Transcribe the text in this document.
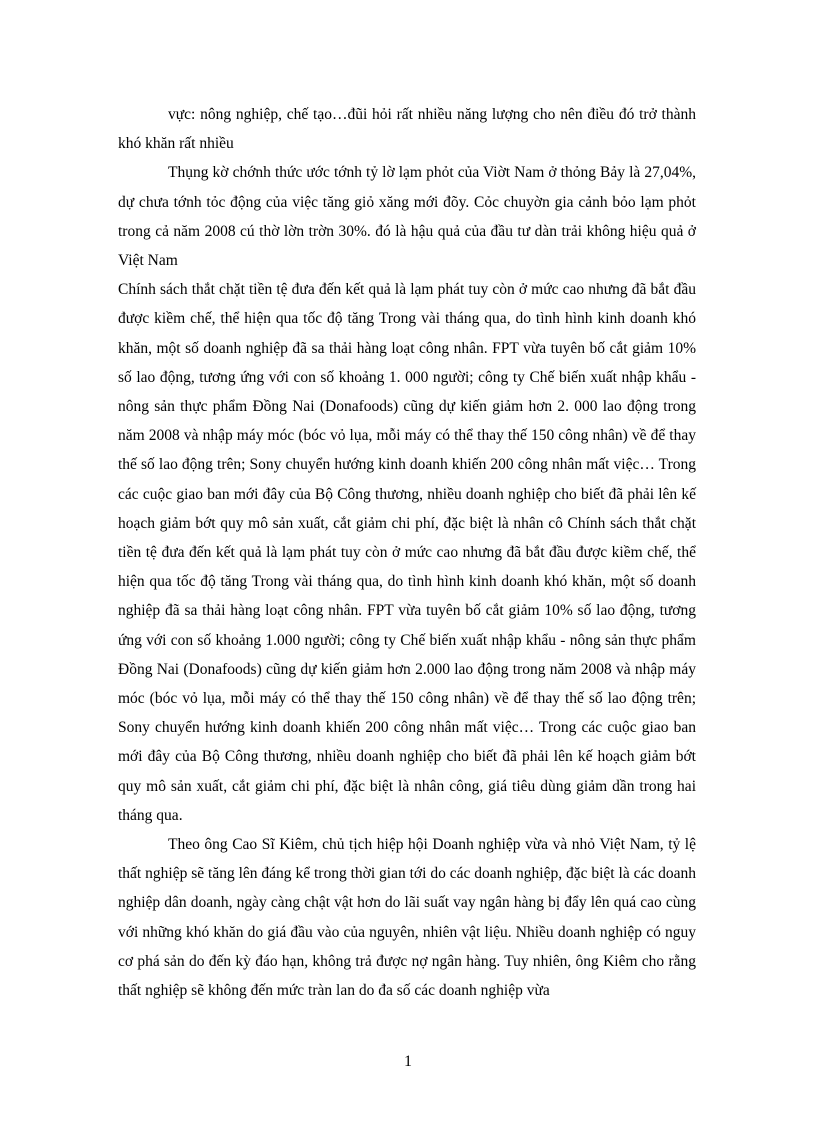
vực: nông nghiệp, chế tạo…đũi hỏi rất nhiều năng lượng cho nên điều đó trở thành khó khăn rất nhiều

Thụng kờ chớnh thức ước tớnh tỷ lờ lạm phỏt của Viờt Nam ở thỏng Bảy là 27,04%, dự chưa tớnh tỏc động của việc tăng giỏ xăng mới đõy. Cỏc chuyờn gia cảnh bỏo lạm phỏt trong cả năm 2008 cú thờ lờn trờn 30%. đó là hậu quả của đầu tư dàn trải không hiệu quả ở Việt Nam

Chính sách thắt chặt tiền tệ đưa đến kết quả là lạm phát tuy còn ở mức cao nhưng đã bắt đầu được kiềm chế, thể hiện qua tốc độ tăng Trong vài tháng qua, do tình hình kinh doanh khó khăn, một số doanh nghiệp đã sa thải hàng loạt công nhân. FPT vừa tuyên bố cắt giảm 10% số lao động, tương ứng với con số khoảng 1. 000 người; công ty Chế biến xuất nhập khẩu - nông sản thực phẩm Đồng Nai (Donafoods) cũng dự kiến giảm hơn 2. 000 lao động trong năm 2008 và nhập máy móc (bóc vỏ lụa, mỗi máy có thể thay thế 150 công nhân) về để thay thế số lao động trên; Sony chuyển hướng kinh doanh khiến 200 công nhân mất việc… Trong các cuộc giao ban mới đây của Bộ Công thương, nhiều doanh nghiệp cho biết đã phải lên kế hoạch giảm bớt quy mô sản xuất, cắt giảm chi phí, đặc biệt là nhân cô Chính sách thắt chặt tiền tệ đưa đến kết quả là lạm phát tuy còn ở mức cao nhưng đã bắt đầu được kiềm chế, thể hiện qua tốc độ tăng Trong vài tháng qua, do tình hình kinh doanh khó khăn, một số doanh nghiệp đã sa thải hàng loạt công nhân. FPT vừa tuyên bố cắt giảm 10% số lao động, tương ứng với con số khoảng 1.000 người; công ty Chế biến xuất nhập khẩu - nông sản thực phẩm Đồng Nai (Donafoods) cũng dự kiến giảm hơn 2.000 lao động trong năm 2008 và nhập máy móc (bóc vỏ lụa, mỗi máy có thể thay thế 150 công nhân) về để thay thế số lao động trên; Sony chuyển hướng kinh doanh khiến 200 công nhân mất việc… Trong các cuộc giao ban mới đây của Bộ Công thương, nhiều doanh nghiệp cho biết đã phải lên kế hoạch giảm bớt quy mô sản xuất, cắt giảm chi phí, đặc biệt là nhân công, giá tiêu dùng giảm dần trong hai tháng qua.

Theo ông Cao Sĩ Kiêm, chủ tịch hiệp hội Doanh nghiệp vừa và nhỏ Việt Nam, tỷ lệ thất nghiệp sẽ tăng lên đáng kể trong thời gian tới do các doanh nghiệp, đặc biệt là các doanh nghiệp dân doanh, ngày càng chật vật hơn do lãi suất vay ngân hàng bị đẩy lên quá cao cùng với những khó khăn do giá đầu vào của nguyên, nhiên vật liệu. Nhiều doanh nghiệp có nguy cơ phá sản do đến kỳ đáo hạn, không trả được nợ ngân hàng. Tuy nhiên, ông Kiêm cho rằng thất nghiệp sẽ không đến mức tràn lan do đa số các doanh nghiệp vừa

1
